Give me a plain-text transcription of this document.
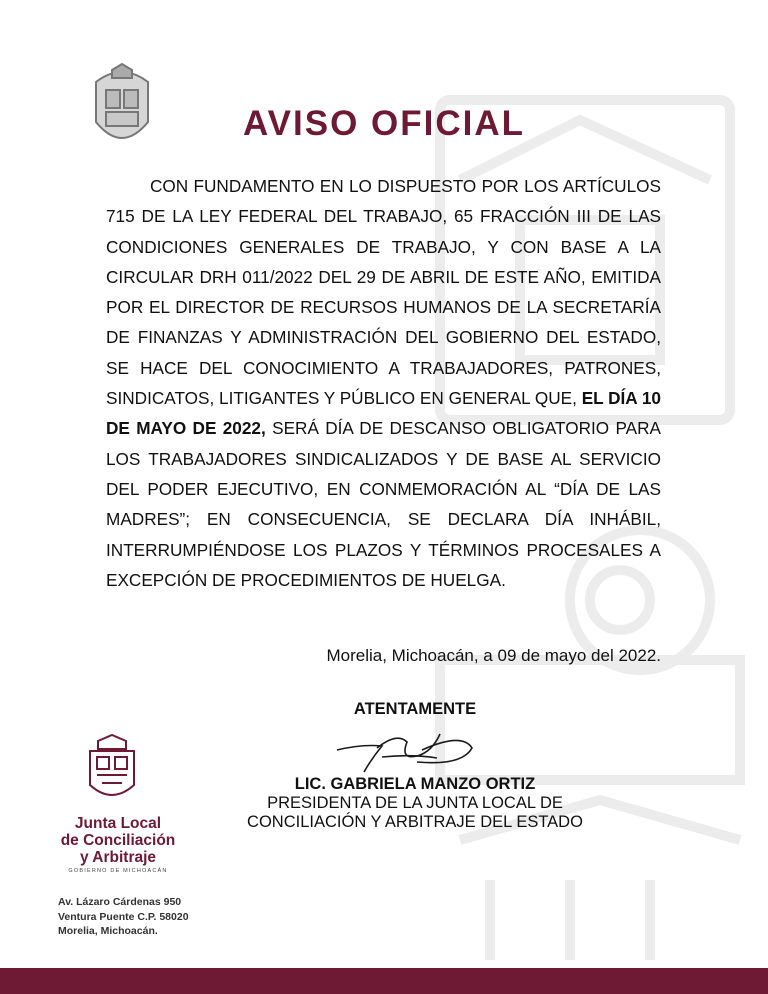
AVISO OFICIAL
CON FUNDAMENTO EN LO DISPUESTO POR LOS ARTÍCULOS 715 DE LA LEY FEDERAL DEL TRABAJO, 65 FRACCIÓN III DE LAS CONDICIONES GENERALES DE TRABAJO, Y CON BASE A LA CIRCULAR DRH 011/2022 DEL 29 DE ABRIL DE ESTE AÑO, EMITIDA POR EL DIRECTOR DE RECURSOS HUMANOS DE LA SECRETARÍA DE FINANZAS Y ADMINISTRACIÓN DEL GOBIERNO DEL ESTADO, SE HACE DEL CONOCIMIENTO A TRABAJADORES, PATRONES, SINDICATOS, LITIGANTES Y PÚBLICO EN GENERAL QUE, EL DÍA 10 DE MAYO DE 2022, SERÁ DÍA DE DESCANSO OBLIGATORIO PARA LOS TRABAJADORES SINDICALIZADOS Y DE BASE AL SERVICIO DEL PODER EJECUTIVO, EN CONMEMORACIÓN AL “DÍA DE LAS MADRES”; EN CONSECUENCIA, SE DECLARA DÍA INHÁBIL, INTERRUMPIÉNDOSE LOS PLAZOS Y TÉRMINOS PROCESALES A EXCEPCIÓN DE PROCEDIMIENTOS DE HUELGA.
Morelia, Michoacán, a 09 de mayo del 2022.
ATENTAMENTE
LIC. GABRIELA MANZO ORTIZ
PRESIDENTA DE LA JUNTA LOCAL DE
CONCILIACIÓN Y ARBITRAJE DEL ESTADO
Junta Local
de Conciliación
y Arbitraje
GOBIERNO DE MICHOACÁN
Av. Lázaro Cárdenas 950
Ventura Puente C.P. 58020
Morelia, Michoacán.
